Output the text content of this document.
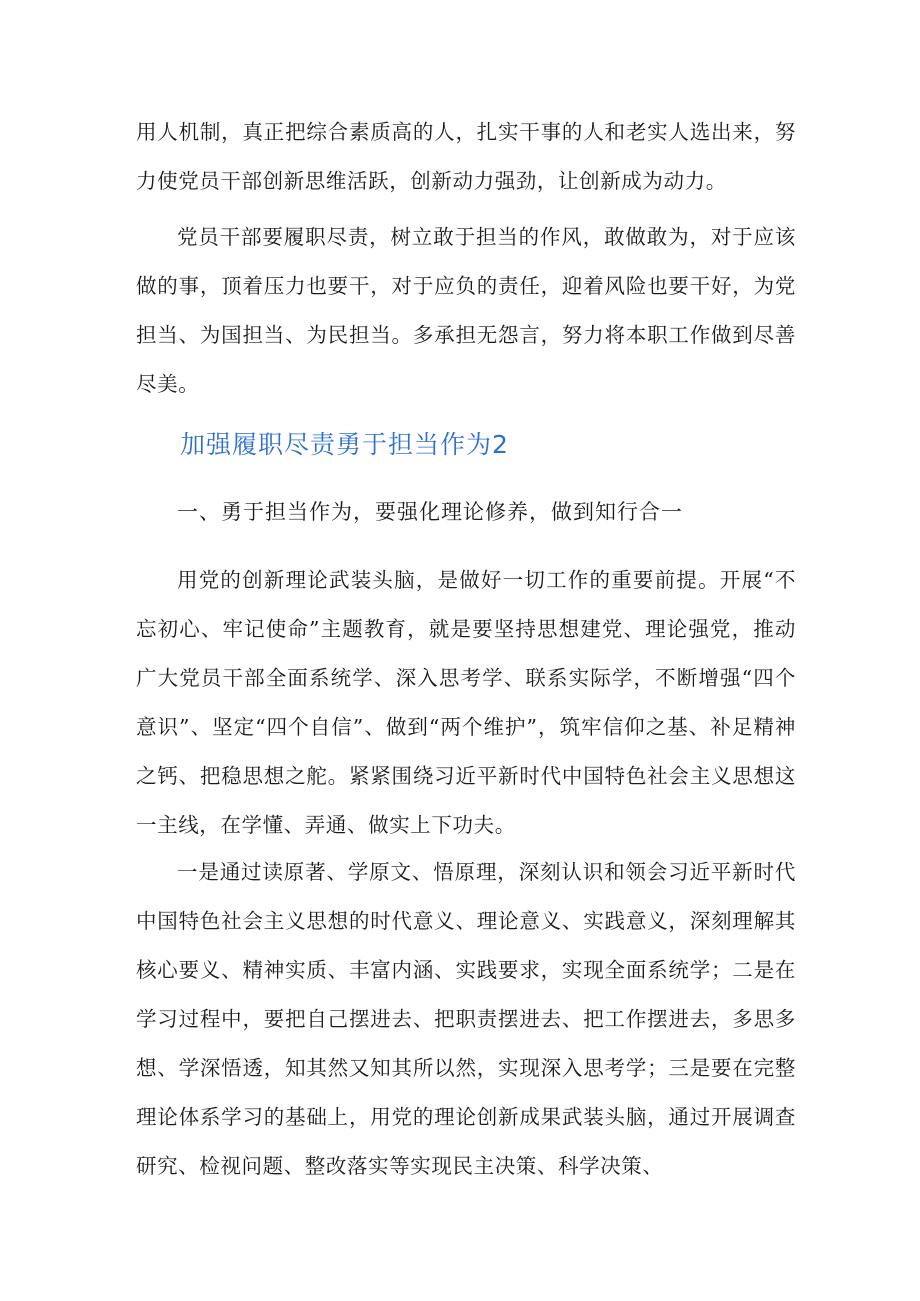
用人机制，真正把综合素质高的人，扎实干事的人和老实人选出来，努力使党员干部创新思维活跃，创新动力强劲，让创新成为动力。

党员干部要履职尽责，树立敢于担当的作风，敢做敢为，对于应该做的事，顶着压力也要干，对于应负的责任，迎着风险也要干好，为党担当、为国担当、为民担当。多承担无怨言，努力将本职工作做到尽善尽美。

加强履职尽责勇于担当作为2
一、勇于担当作为，要强化理论修养，做到知行合一

用党的创新理论武装头脑，是做好一切工作的重要前提。开展“不忘初心、牢记使命”主题教育，就是要坚持思想建党、理论强党，推动广大党员干部全面系统学、深入思考学、联系实际学，不断增强“四个意识”、坚定“四个自信”、做到“两个维护”，筑牢信仰之基、补足精神之钙、把稳思想之舵。紧紧围绕习近平新时代中国特色社会主义思想这一主线，在学懂、弄通、做实上下功夫。

一是通过读原著、学原文、悟原理，深刻认识和领会习近平新时代中国特色社会主义思想的时代意义、理论意义、实践意义，深刻理解其核心要义、精神实质、丰富内涵、实践要求，实现全面系统学；二是在学习过程中，要把自己摆进去、把职责摆进去、把工作摆进去，多思多想、学深悟透，知其然又知其所以然，实现深入思考学；三是要在完整理论体系学习的基础上，用党的理论创新成果武装头脑，通过开展调查研究、检视问题、整改落实等实现民主决策、科学决策、
